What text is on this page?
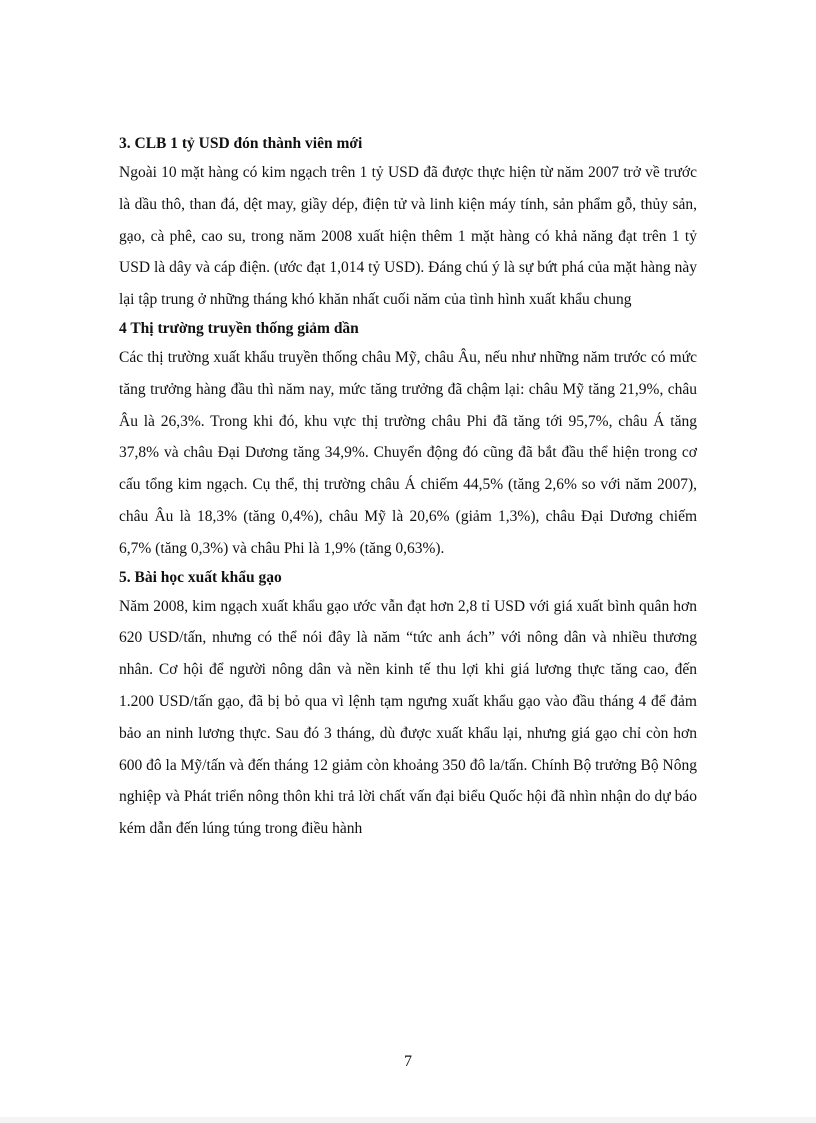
3. CLB 1 tỷ USD đón thành viên mới

Ngoài 10 mặt hàng có kim ngạch trên 1 tỷ USD đã được thực hiện từ năm 2007 trở về trước là dầu thô, than đá, dệt may, giầy dép, điện tử và linh kiện máy tính, sản phẩm gỗ, thủy sản, gạo, cà phê, cao su, trong năm 2008 xuất hiện thêm 1 mặt hàng có khả năng đạt trên 1 tỷ USD là dây và cáp điện. (ước đạt 1,014 tỷ USD). Đáng chú ý là sự bứt phá của mặt hàng này lại tập trung ở những tháng khó khăn nhất cuối năm của tình hình xuất khẩu chung

4 Thị trường truyền thống giảm dần

Các thị trường xuất khẩu truyền thống châu Mỹ, châu Âu, nếu như những năm trước có mức tăng trưởng hàng đầu thì năm nay, mức tăng trưởng đã chậm lại: châu Mỹ tăng 21,9%, châu Âu là 26,3%. Trong khi đó, khu vực thị trường châu Phi đã tăng tới 95,7%, châu Á tăng 37,8% và châu Đại Dương tăng 34,9%. Chuyển động đó cũng đã bắt đầu thể hiện trong cơ cấu tổng kim ngạch. Cụ thể, thị trường châu Á chiếm 44,5% (tăng 2,6% so với năm 2007), châu Âu là 18,3% (tăng 0,4%), châu Mỹ là 20,6% (giảm 1,3%), châu Đại Dương chiếm 6,7% (tăng 0,3%) và châu Phi là 1,9% (tăng 0,63%).

5. Bài học xuất khẩu gạo

Năm 2008, kim ngạch xuất khẩu gạo ước vẫn đạt hơn 2,8 tỉ USD với giá xuất bình quân hơn 620 USD/tấn, nhưng có thể nói đây là năm “tức anh ách” với nông dân và nhiều thương nhân. Cơ hội để người nông dân và nền kinh tế thu lợi khi giá lương thực tăng cao, đến 1.200 USD/tấn gạo, đã bị bỏ qua vì lệnh tạm ngưng xuất khẩu gạo vào đầu tháng 4 để đảm bảo an ninh lương thực. Sau đó 3 tháng, dù được xuất khẩu lại, nhưng giá gạo chỉ còn hơn 600 đô la Mỹ/tấn và đến tháng 12 giảm còn khoảng 350 đô la/tấn. Chính Bộ trưởng Bộ Nông nghiệp và Phát triển nông thôn khi trả lời chất vấn đại biểu Quốc hội đã nhìn nhận do dự báo kém dẫn đến lúng túng trong điều hành

7
